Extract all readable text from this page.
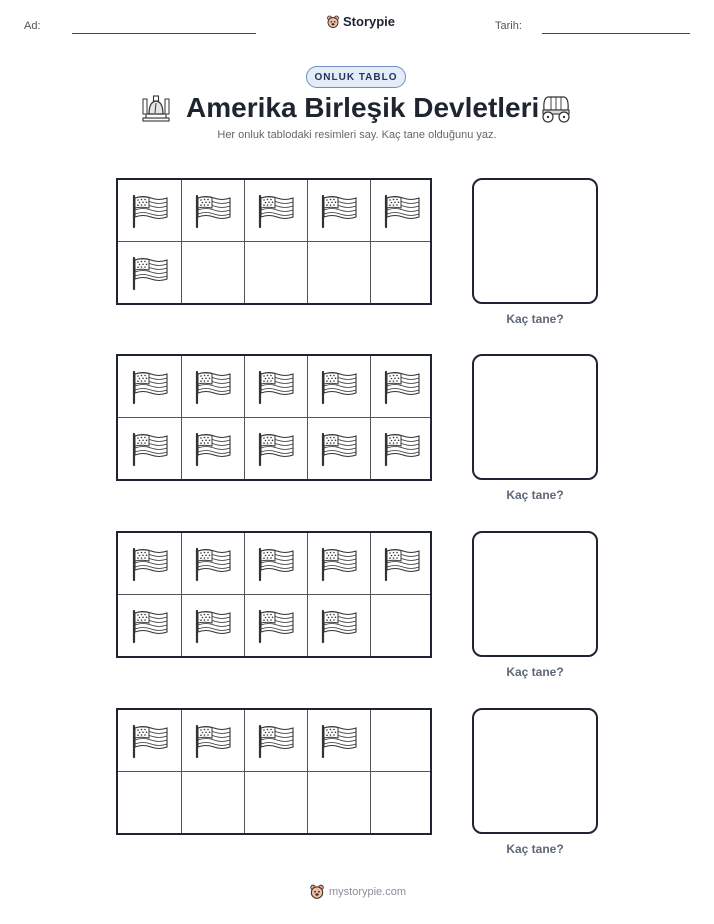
Ad:	Storypie	Tarih:
ONLUK TABLO
Amerika Birleşik Devletleri
Her onluk tablodaki resimleri say. Kaç tane olduğunu yaz.
Kaç tane?
Kaç tane?
Kaç tane?
Kaç tane?
mystorypie.com
